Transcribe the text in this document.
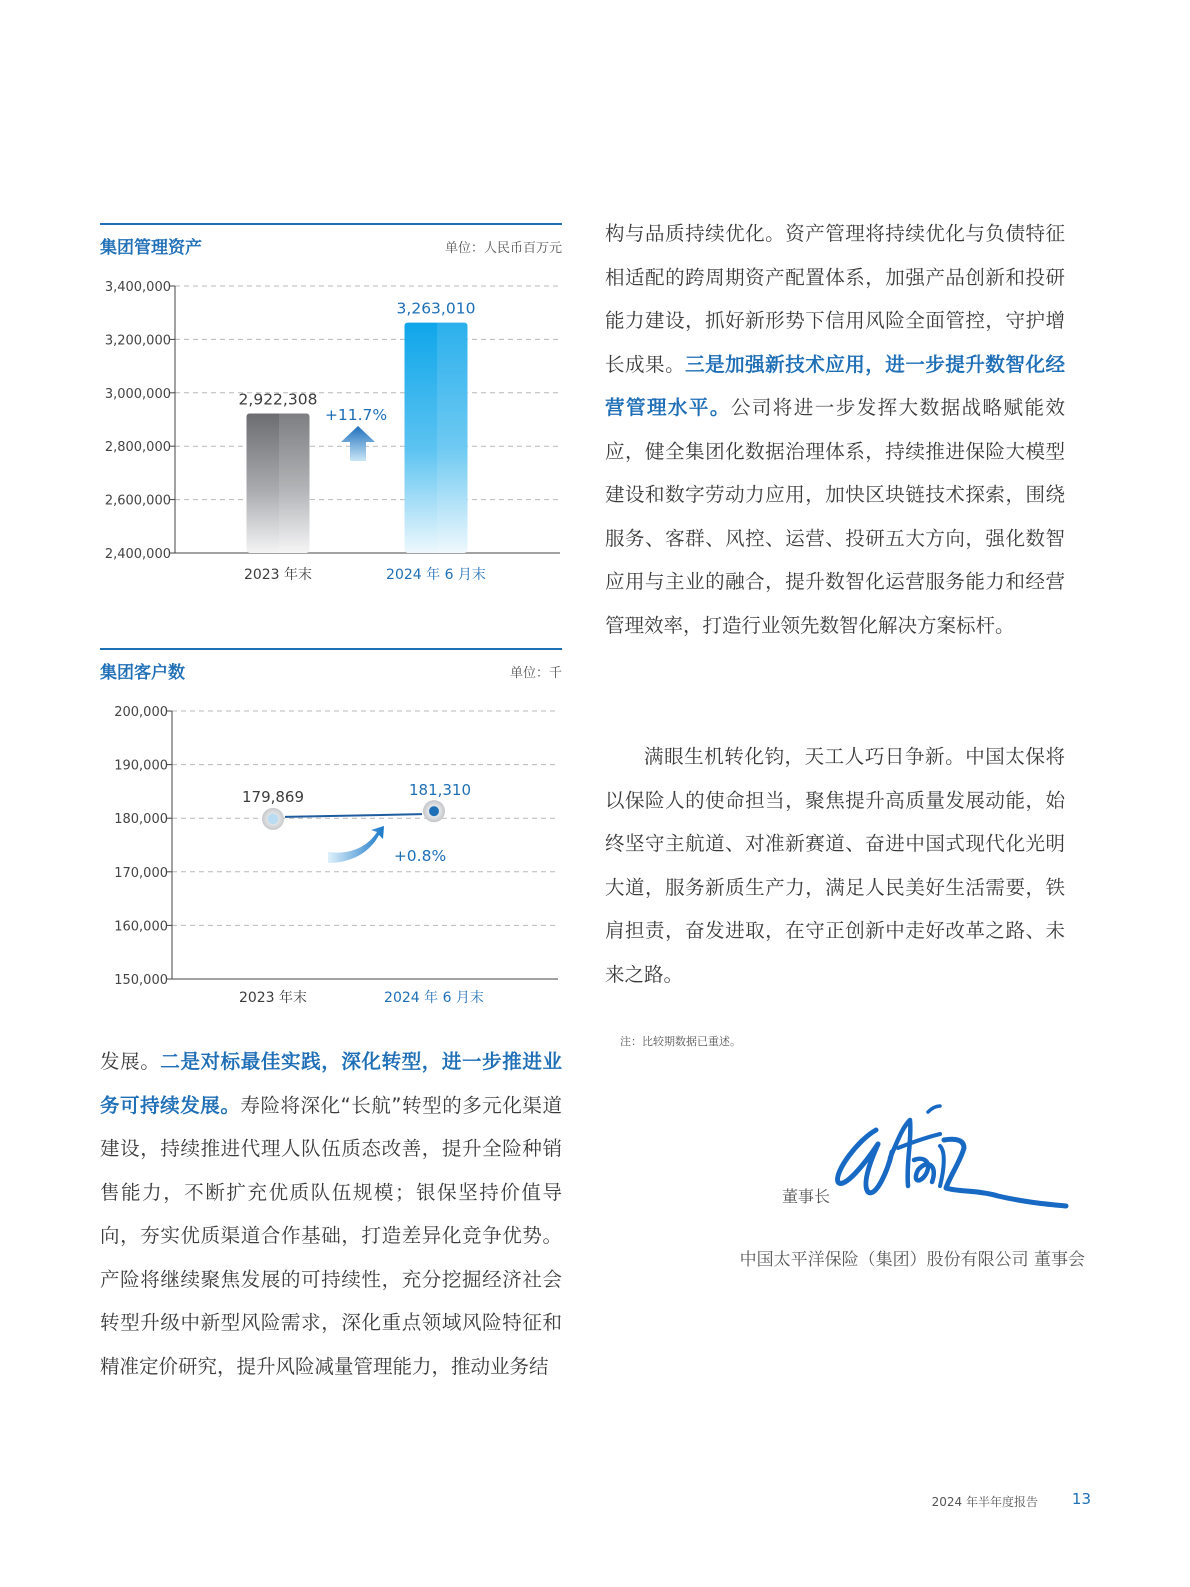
集团管理资产	单位：人民币百万元
2,400,000
2,600,000
2,800,000
3,000,000
3,200,000
3,400,000
2,922,308
2023 年末
3,263,010
2024 年 6 月末
+11.7%
集团客户数	单位：千
150,000
160,000
170,000
180,000
190,000
200,000
179,869	181,310
2023 年末	2024 年 6 月末
+0.8%

发展。二是对标最佳实践，深化转型，进一步推进业务可持续发展。寿险将深化“长航”转型的多元化渠道建设，持续推进代理人队伍质态改善，提升全险种销售能力，不断扩充优质队伍规模；银保坚持价值导向，夯实优质渠道合作基础，打造差异化竞争优势。产险将继续聚焦发展的可持续性，充分挖掘经济社会转型升级中新型风险需求，深化重点领域风险特征和精准定价研究，提升风险减量管理能力，推动业务结

构与品质持续优化。资产管理将持续优化与负债特征相适配的跨周期资产配置体系，加强产品创新和投研能力建设，抓好新形势下信用风险全面管控，守护增长成果。三是加强新技术应用，进一步提升数智化经营管理水平。公司将进一步发挥大数据战略赋能效应，健全集团化数据治理体系，持续推进保险大模型建设和数字劳动力应用，加快区块链技术探索，围绕服务、客群、风控、运营、投研五大方向，强化数智应用与主业的融合，提升数智化运营服务能力和经营管理效率，打造行业领先数智化解决方案标杆。

满眼生机转化钧，天工人巧日争新。中国太保将以保险人的使命担当，聚焦提升高质量发展动能，始终坚守主航道、对准新赛道、奋进中国式现代化光明大道，服务新质生产力，满足人民美好生活需要，铁肩担责，奋发进取，在守正创新中走好改革之路、未来之路。

注：比较期数据已重述。
董事长
中国太平洋保险（集团）股份有限公司 董事会
2024 年半年度报告 13
